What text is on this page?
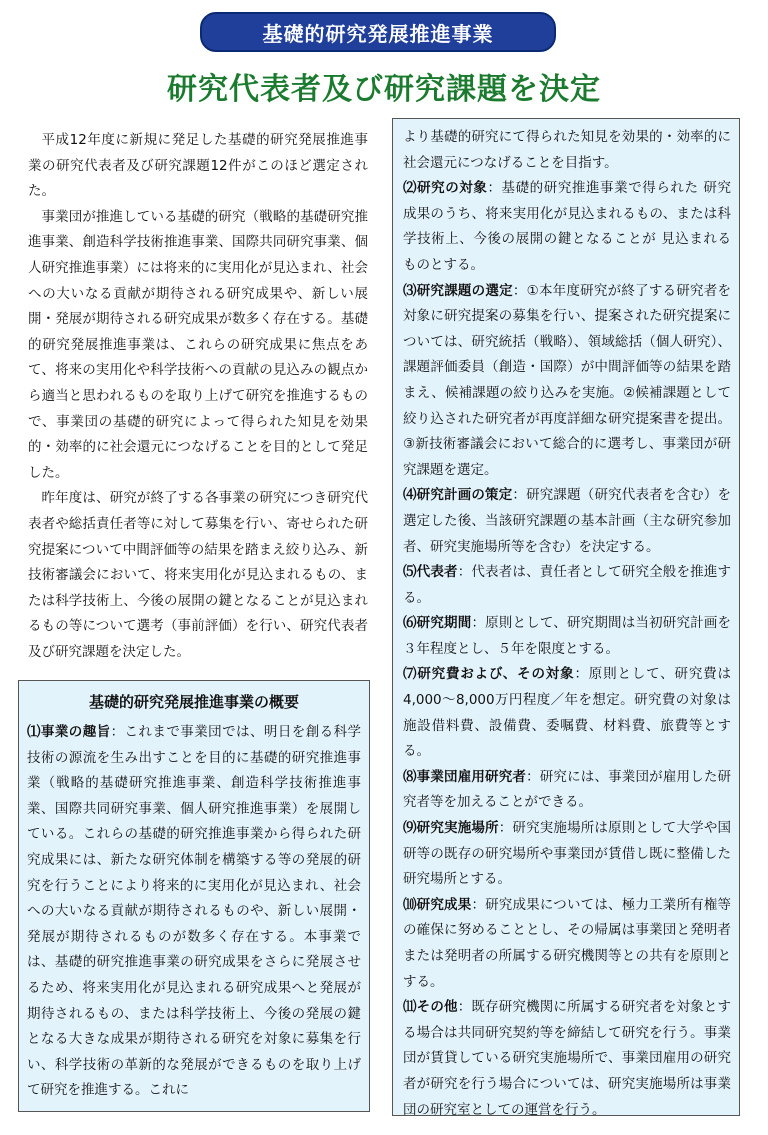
基礎的研究発展推進事業
研究代表者及び研究課題を決定

平成12年度に新規に発足した基礎的研究発展推進事業の研究代表者及び研究課題12件がこのほど選定された。

事業団が推進している基礎的研究（戦略的基礎研究推進事業、創造科学技術推進事業、国際共同研究事業、個人研究推進事業）には将来的に実用化が見込まれ、社会への大いなる貢献が期待される研究成果や、新しい展開・発展が期待される研究成果が数多く存在する。基礎的研究発展推進事業は、これらの研究成果に焦点をあて、将来の実用化や科学技術への貢献の見込みの観点から適当と思われるものを取り上げて研究を推進するもので、事業団の基礎的研究によって得られた知見を効果的・効率的に社会還元につなげることを目的として発足した。

昨年度は、研究が終了する各事業の研究につき研究代表者や総括責任者等に対して募集を行い、寄せられた研究提案について中間評価等の結果を踏まえ絞り込み、新技術審議会において、将来実用化が見込まれるもの、または科学技術上、今後の展開の鍵となることが見込まれるもの等について選考（事前評価）を行い、研究代表者及び研究課題を決定した。

基礎的研究発展推進事業の概要

⑴事業の趣旨：これまで事業団では、明日を創る科学技術の源流を生み出すことを目的に基礎的研究推進事業（戦略的基礎研究推進事業、創造科学技術推進事業、国際共同研究事業、個人研究推進事業）を展開している。これらの基礎的研究推進事業から得られた研究成果には、新たな研究体制を構築する等の発展的研究を行うことにより将来的に実用化が見込まれ、社会への大いなる貢献が期待されるものや、新しい展開・発展が期待されるものが数多く存在する。本事業では、基礎的研究推進事業の研究成果をさらに発展させるため、将来実用化が見込まれる研究成果へと発展が期待されるもの、または科学技術上、今後の発展の鍵となる大きな成果が期待される研究を対象に募集を行い、科学技術の革新的な発展ができるものを取り上げて研究を推進する。これに

より基礎的研究にて得られた知見を効果的・効率的に社会還元につなげることを目指す。

⑵研究の対象：基礎的研究推進事業で得られた 研究成果のうち、将来実用化が見込まれるもの、または科学技術上、今後の展開の鍵となることが 見込まれるものとする。

⑶研究課題の選定：①本年度研究が終了する研究者を対象に研究提案の募集を行い、提案された研究提案については、研究統括（戦略）、領域総括（個人研究）、課題評価委員（創造・国際）が中間評価等の結果を踏まえ、候補課題の絞り込みを実施。②候補課題として絞り込された研究者が再度詳細な研究提案書を提出。③新技術審議会において総合的に選考し、事業団が研究課題を選定。

⑷研究計画の策定：研究課題（研究代表者を含む）を選定した後、当該研究課題の基本計画（主な研究参加者、研究実施場所等を含む）を決定する。

⑸代表者：代表者は、責任者として研究全般を推進する。

⑹研究期間：原則として、研究期間は当初研究計画を３年程度とし、５年を限度とする。

⑺研究費および、その対象：原則として、研究費は4,000～8,000万円程度／年を想定。研究費の対象は施設借料費、設備費、委嘱費、材料費、旅費等とする。

⑻事業団雇用研究者：研究には、事業団が雇用した研究者等を加えることができる。

⑼研究実施場所：研究実施場所は原則として大学や国研等の既存の研究場所や事業団が賃借し既に整備した研究場所とする。

⑽研究成果：研究成果については、極力工業所有権等の確保に努めることとし、その帰属は事業団と発明者または発明者の所属する研究機関等との共有を原則とする。

⑾その他：既存研究機関に所属する研究者を対象とする場合は共同研究契約等を締結して研究を行う。事業団が賃貸している研究実施場所で、事業団雇用の研究者が研究を行う場合については、研究実施場所は事業団の研究室としての運営を行う。
